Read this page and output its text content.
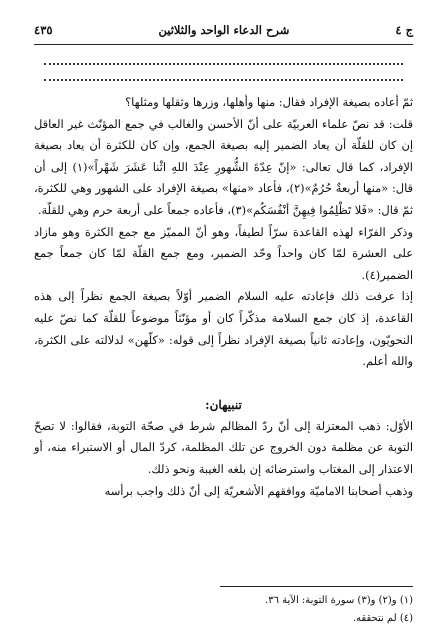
ج ٤
شرح الدعاء الواحد والثلاثين
٤٣٥

ثمّ أعاده بصيغة الإفراد فقال: منها وأهلها، وزرها وثقلها ومثلها؟

قلت: قد نصّ علماء العربيّة على أنّ الأحسن والغالب في جمع المؤنّث غير العاقل إن كان للقلّة أن يعاد الضمير إليه بصيغة الجمع، وإن كان للكثرة أن يعاد بصيغة الإفراد، كما قال تعالى: «إنّ عِدّةَ الشُّهورِ عِنْدَ اللهِ اثْنا عَشَرَ شَهْراً»(١) إلى أن قال: «منها أربعةٌ حُرُمٌ»(٢)، فأعاد «منها» بصيغة الإفراد على الشهور وهي للكثرة، ثمّ قال: «فَلا تَظْلِمُوا فِيهِنَّ أنْفُسَكُم»(٣)، فأعاده جمعاً على أربعة حرم وهي للقلّة.

وذكر الفرّاء لهذه القاعدة سرّاً لطيفاً، وهو أنّ المميّز مع جمع الكثرة وهو مازاد على العشرة لمّا كان واحداً وحّد الضمير، ومع جمع القلّة لمّا كان جمعاً جمع الضمير(٤).

إذا عرفت ذلك فإعادته عليه السلام الضمير أوّلاً بصيغة الجمع نظراً إلى هذه القاعدة، إذ كان جمع السلامة مذكّراً كان أو مؤنّثاً موضوعاً للقلّة كما نصّ عليه النحويّون، وإعادته ثانياً بصيغة الإفراد نظراً إلى قوله: «كلّهن» لدلالته على الكثرة، والله أعلم.

تنبيهان:

الأوّل: ذهب المعتزلة إلى أنّ ردّ المظالم شرط في صحّة التوبة، فقالوا: لا تصحّ التوبة عن مظلمة دون الخروج عن تلك المظلمة، كردّ المال أو الاستبراء منه، أو الاعتذار إلى المغتاب واسترضائه إن بلغه الغيبة ونحو ذلك.

وذهب أصحابنا الاماميّة ووافقهم الأشعريّة إلى أنّ ذلك واجب برأسه

(١) و(٢) و(٣) سورة التوبة: الآية ٣٦.
(٤) لم نتحققه.
